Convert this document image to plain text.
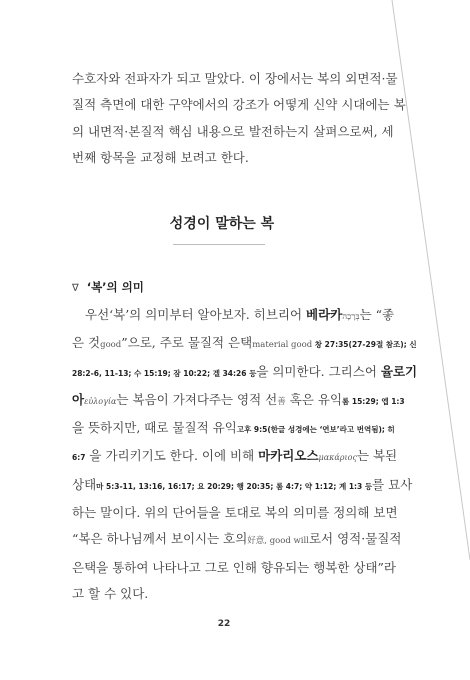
수호자와 전파자가 되고 말았다. 이 장에서는 복의 외면적·물
질적 측면에 대한 구약에서의 강조가 어떻게 신약 시대에는 복
의 내면적·본질적 핵심 내용으로 발전하는지 살펴으로써, 세
번째 항목을 교정해 보려고 한다.
성경이 말하는 복
∇ ‘복’의 의미
우선‘복’의 의미부터 알아보자. 히브리어 베라카בְּרָכָה는 “좋
은 것good”으로, 주로 물질적 은택material good 창 27:35(27-29절 참조); 신
28:2-6, 11-13; 수 15:19; 잠 10:22; 겔 34:26 등을 의미한다. 그리스어 율로기
아εὐλογία는 복음이 가져다주는 영적 선善 혹은 유익롬 15:29; 엡 1:3
을 뜻하지만, 때로 물질적 유익고후 9:5(한글 성경에는 ‘연보’라고 번역됨); 히
6:7 을 가리키기도 한다. 이에 비해 마카리오스μακάριος는 복된
상태마 5:3-11, 13:16, 16:17; 요 20:29; 행 20:35; 롬 4:7; 약 1:12; 계 1:3 등를 묘사
하는 말이다. 위의 단어들을 토대로 복의 의미를 정의해 보면
“복은 하나님께서 보이시는 호의好意, good will로서 영적·물질적
은택을 통하여 나타나고 그로 인해 향유되는 행복한 상태”라
고 할 수 있다.
22
